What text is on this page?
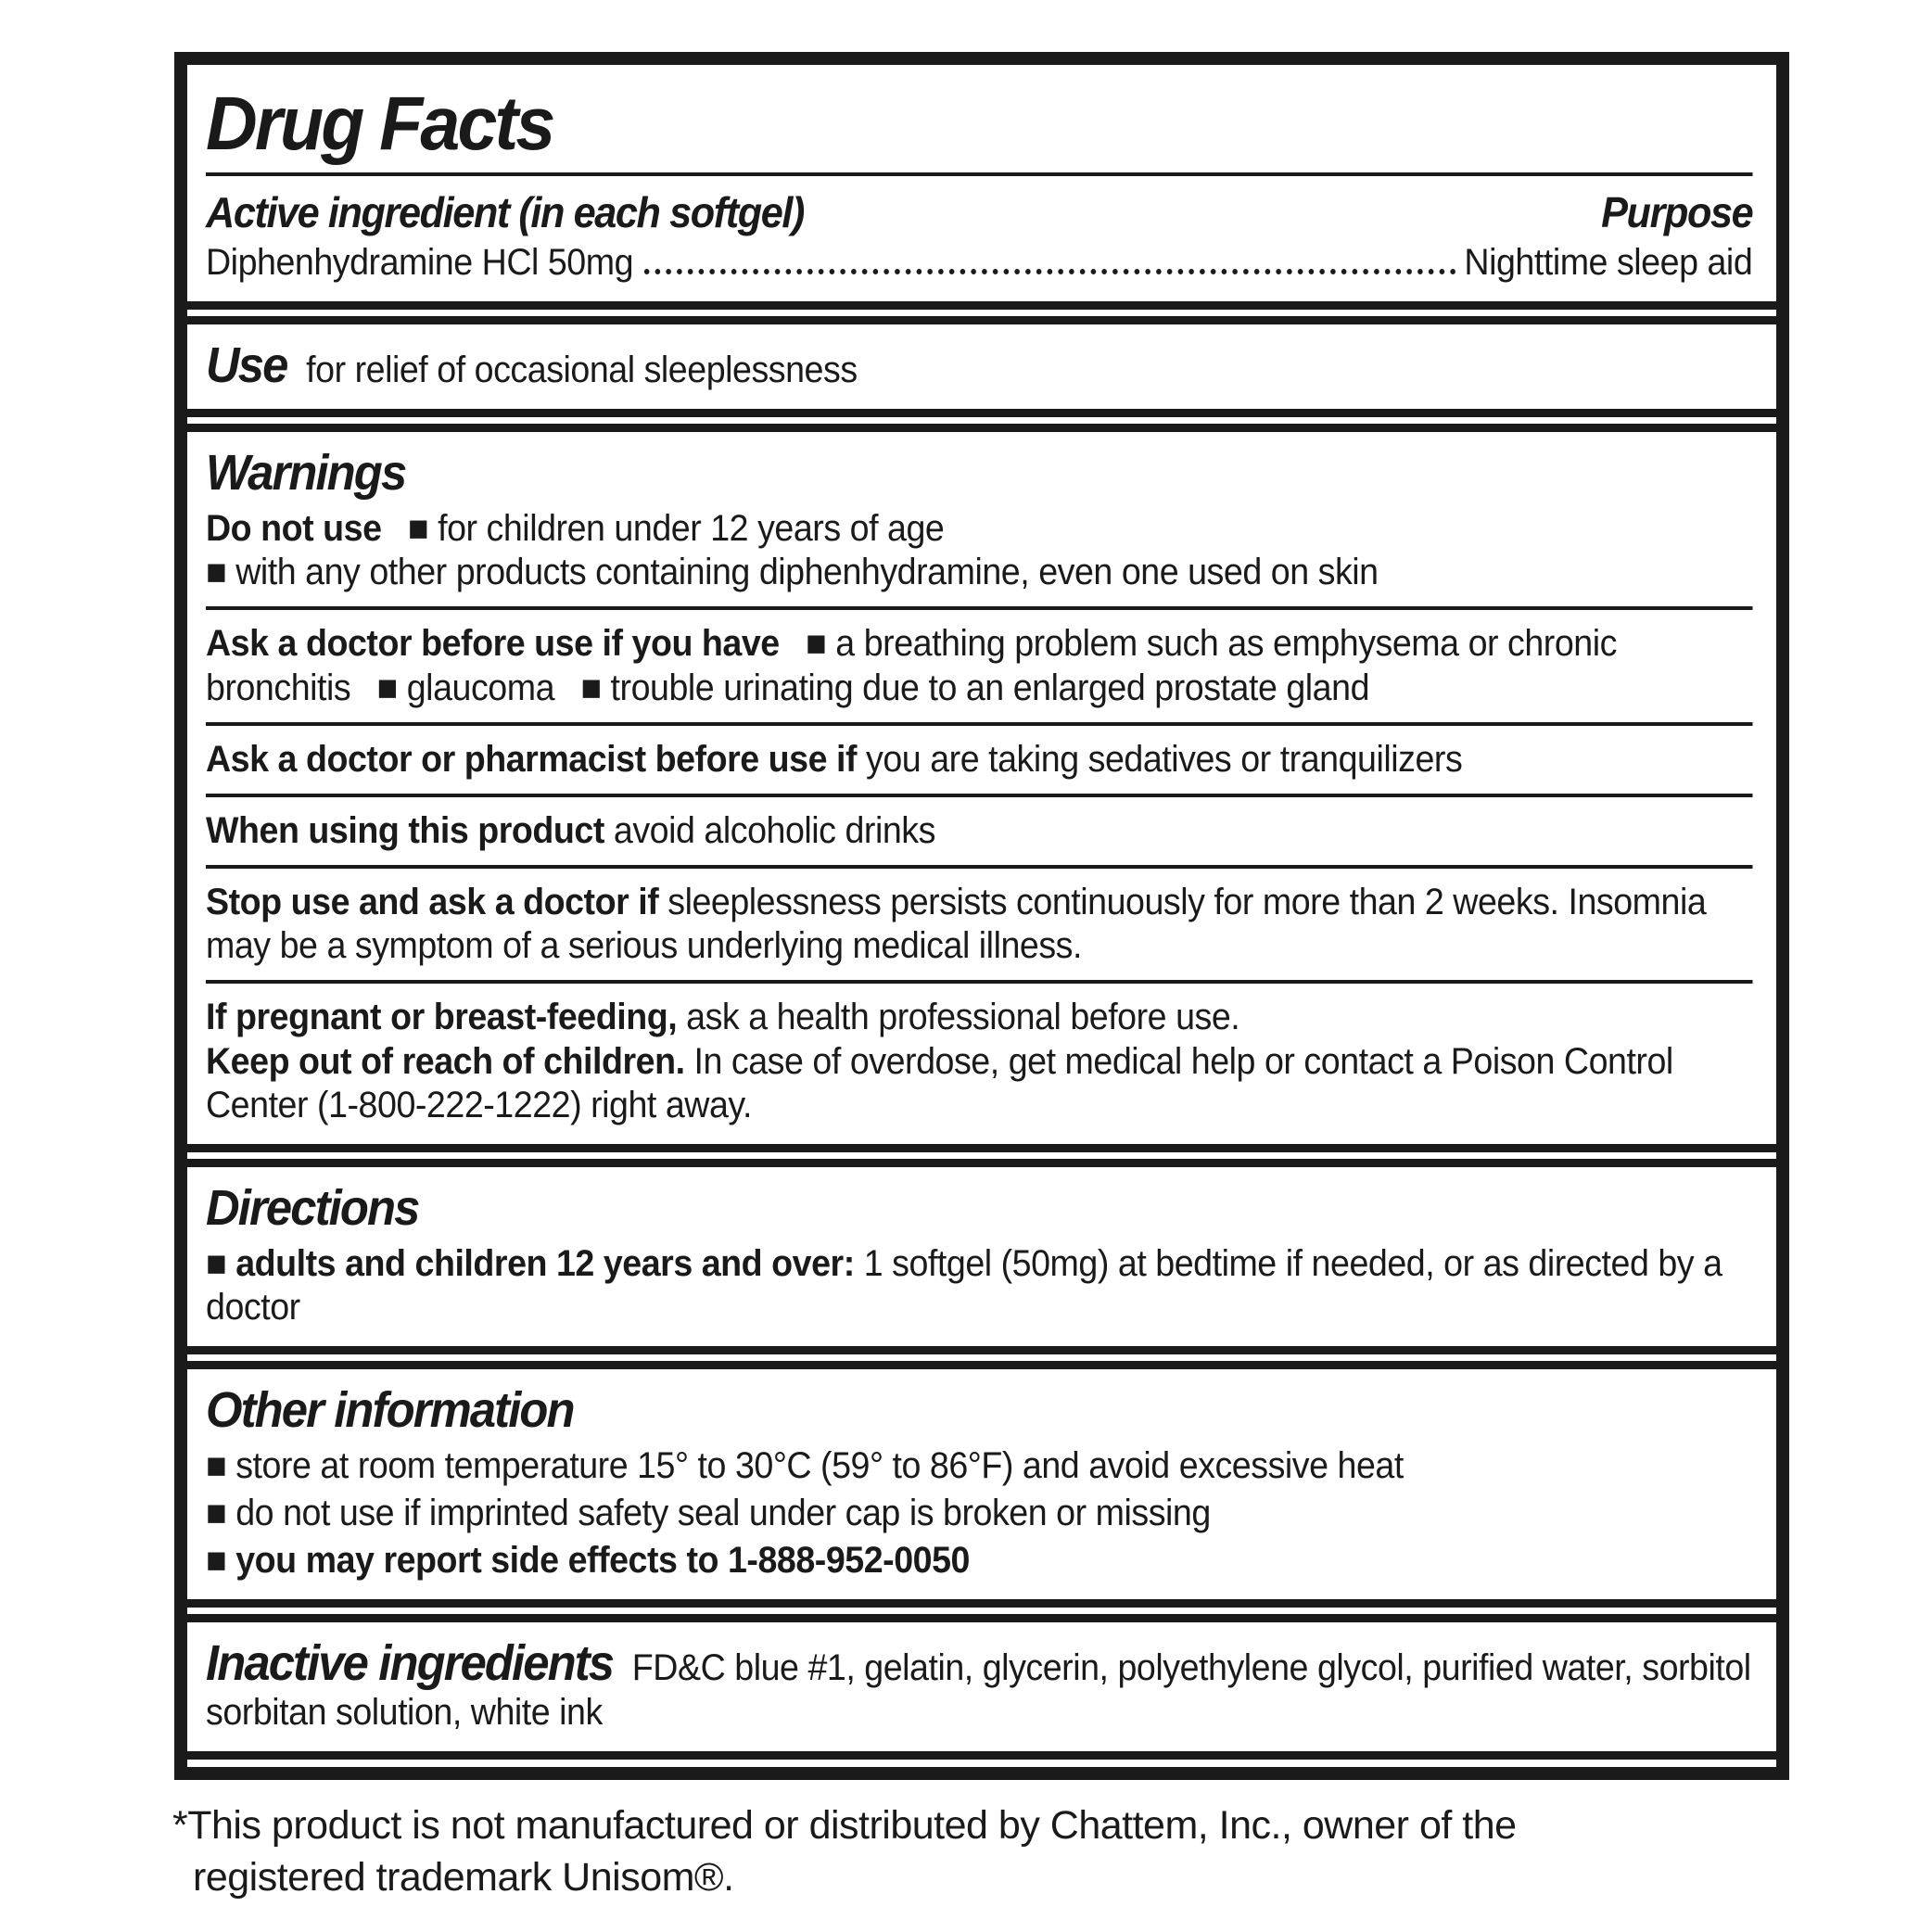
Drug Facts
Active ingredient (in each softgel)	Purpose
Diphenhydramine HCl 50mg	Nighttime sleep aid

Use for relief of occasional sleeplessness

Warnings

Do not use  ■ for children under 12 years of age
■ with any other products containing diphenhydramine, even one used on skin

Ask a doctor before use if you have  ■ a breathing problem such as emphysema or chronic bronchitis  ■ glaucoma  ■ trouble urinating due to an enlarged prostate gland

Ask a doctor or pharmacist before use if you are taking sedatives or tranquilizers

When using this product avoid alcoholic drinks

Stop use and ask a doctor if sleeplessness persists continuously for more than 2 weeks. Insomnia may be a symptom of a serious underlying medical illness.

If pregnant or breast-feeding, ask a health professional before use.
Keep out of reach of children. In case of overdose, get medical help or contact a Poison Control Center (1-800-222-1222) right away.

Directions

■ adults and children 12 years and over: 1 softgel (50mg) at bedtime if needed, or as directed by a doctor

Other information

■ store at room temperature 15° to 30°C (59° to 86°F) and avoid excessive heat

■ do not use if imprinted safety seal under cap is broken or missing

■ you may report side effects to 1-888-952-0050

Inactive ingredients FD&C blue #1, gelatin, glycerin, polyethylene glycol, purified water, sorbitol sorbitan solution, white ink

*This product is not manufactured or distributed by Chattem, Inc., owner of the
registered trademark Unisom®.
